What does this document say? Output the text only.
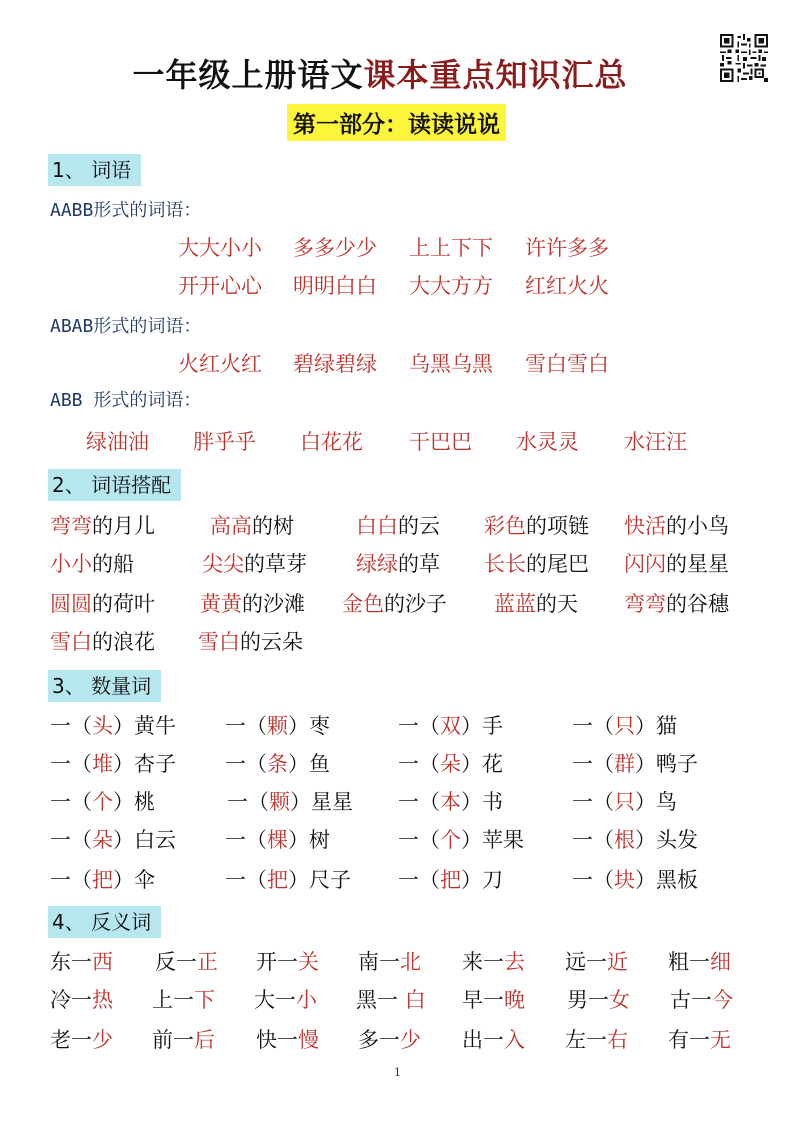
一年级上册语文课本重点知识汇总
第一部分：读读说说
1、 词语
AABB形式的词语：
大大小小 多多少少 上上下下 许许多多
开开心心 明明白白 大大方方 红红火火
ABAB形式的词语：
火红火红 碧绿碧绿 乌黑乌黑 雪白雪白
ABB 形式的词语：
绿油油 胖乎乎 白花花 干巴巴 水灵灵 水汪汪
2、 词语搭配
弯弯的月儿	高高的树	白白的云 彩色的项链 快活的小鸟
小小的船	尖尖的草芽 绿绿的草 长长的尾巴 闪闪的星星
圆圆的荷叶 黄黄的沙滩 金色的沙子 蓝蓝的天 弯弯的谷穗
雪白的浪花 雪白的云朵
3、 数量词
一（头）黄牛 一（颗）枣	一（双）手	一（只）猫
一（堆）杏子 一（条）鱼	一（朵）花	一（群）鸭子
一（个）桃	一（颗）星星 一（本）书	一（只）鸟
一（朵）白云 一（棵）树	一（个）苹果 一（根）头发
一（把）伞	一（把）尺子 一（把）刀	一（块）黑板
4、 反义词
东一西 反一正 开一关 南一北 来一去 远一近 粗一细
冷一热 上一下 大一小 黑一 白 早一晚 男一女 古一今
老一少 前一后 快一慢 多一少 出一入 左一右 有一无
1
